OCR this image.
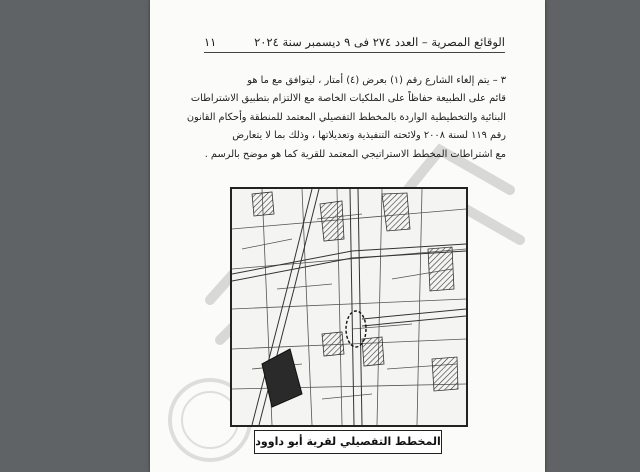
الوقائع المصرية – العدد ٢٧٤ فى ٩ ديسمبر سنة ٢٠٢٤
١١

٣ – يتم إلغاء الشارع رقم (١) بعرض (٤) أمتار ، ليتوافق مع ما هو

قائم على الطبيعة حفاظاً على الملكيات الخاصة مع الالتزام بتطبيق الاشتراطات

البنائية والتخطيطية الواردة بالمخطط التفصيلي المعتمد للمنطقة وأحكام القانون

رقم ١١٩ لسنة ٢٠٠٨ ولائحته التنفيذية وتعديلاتها ، وذلك بما لا يتعارض

مع اشتراطات المخطط الاستراتيجي المعتمد للقرية كما هو موضح بالرسم .

المخطط التفصيلي لقرية أبو داوود
